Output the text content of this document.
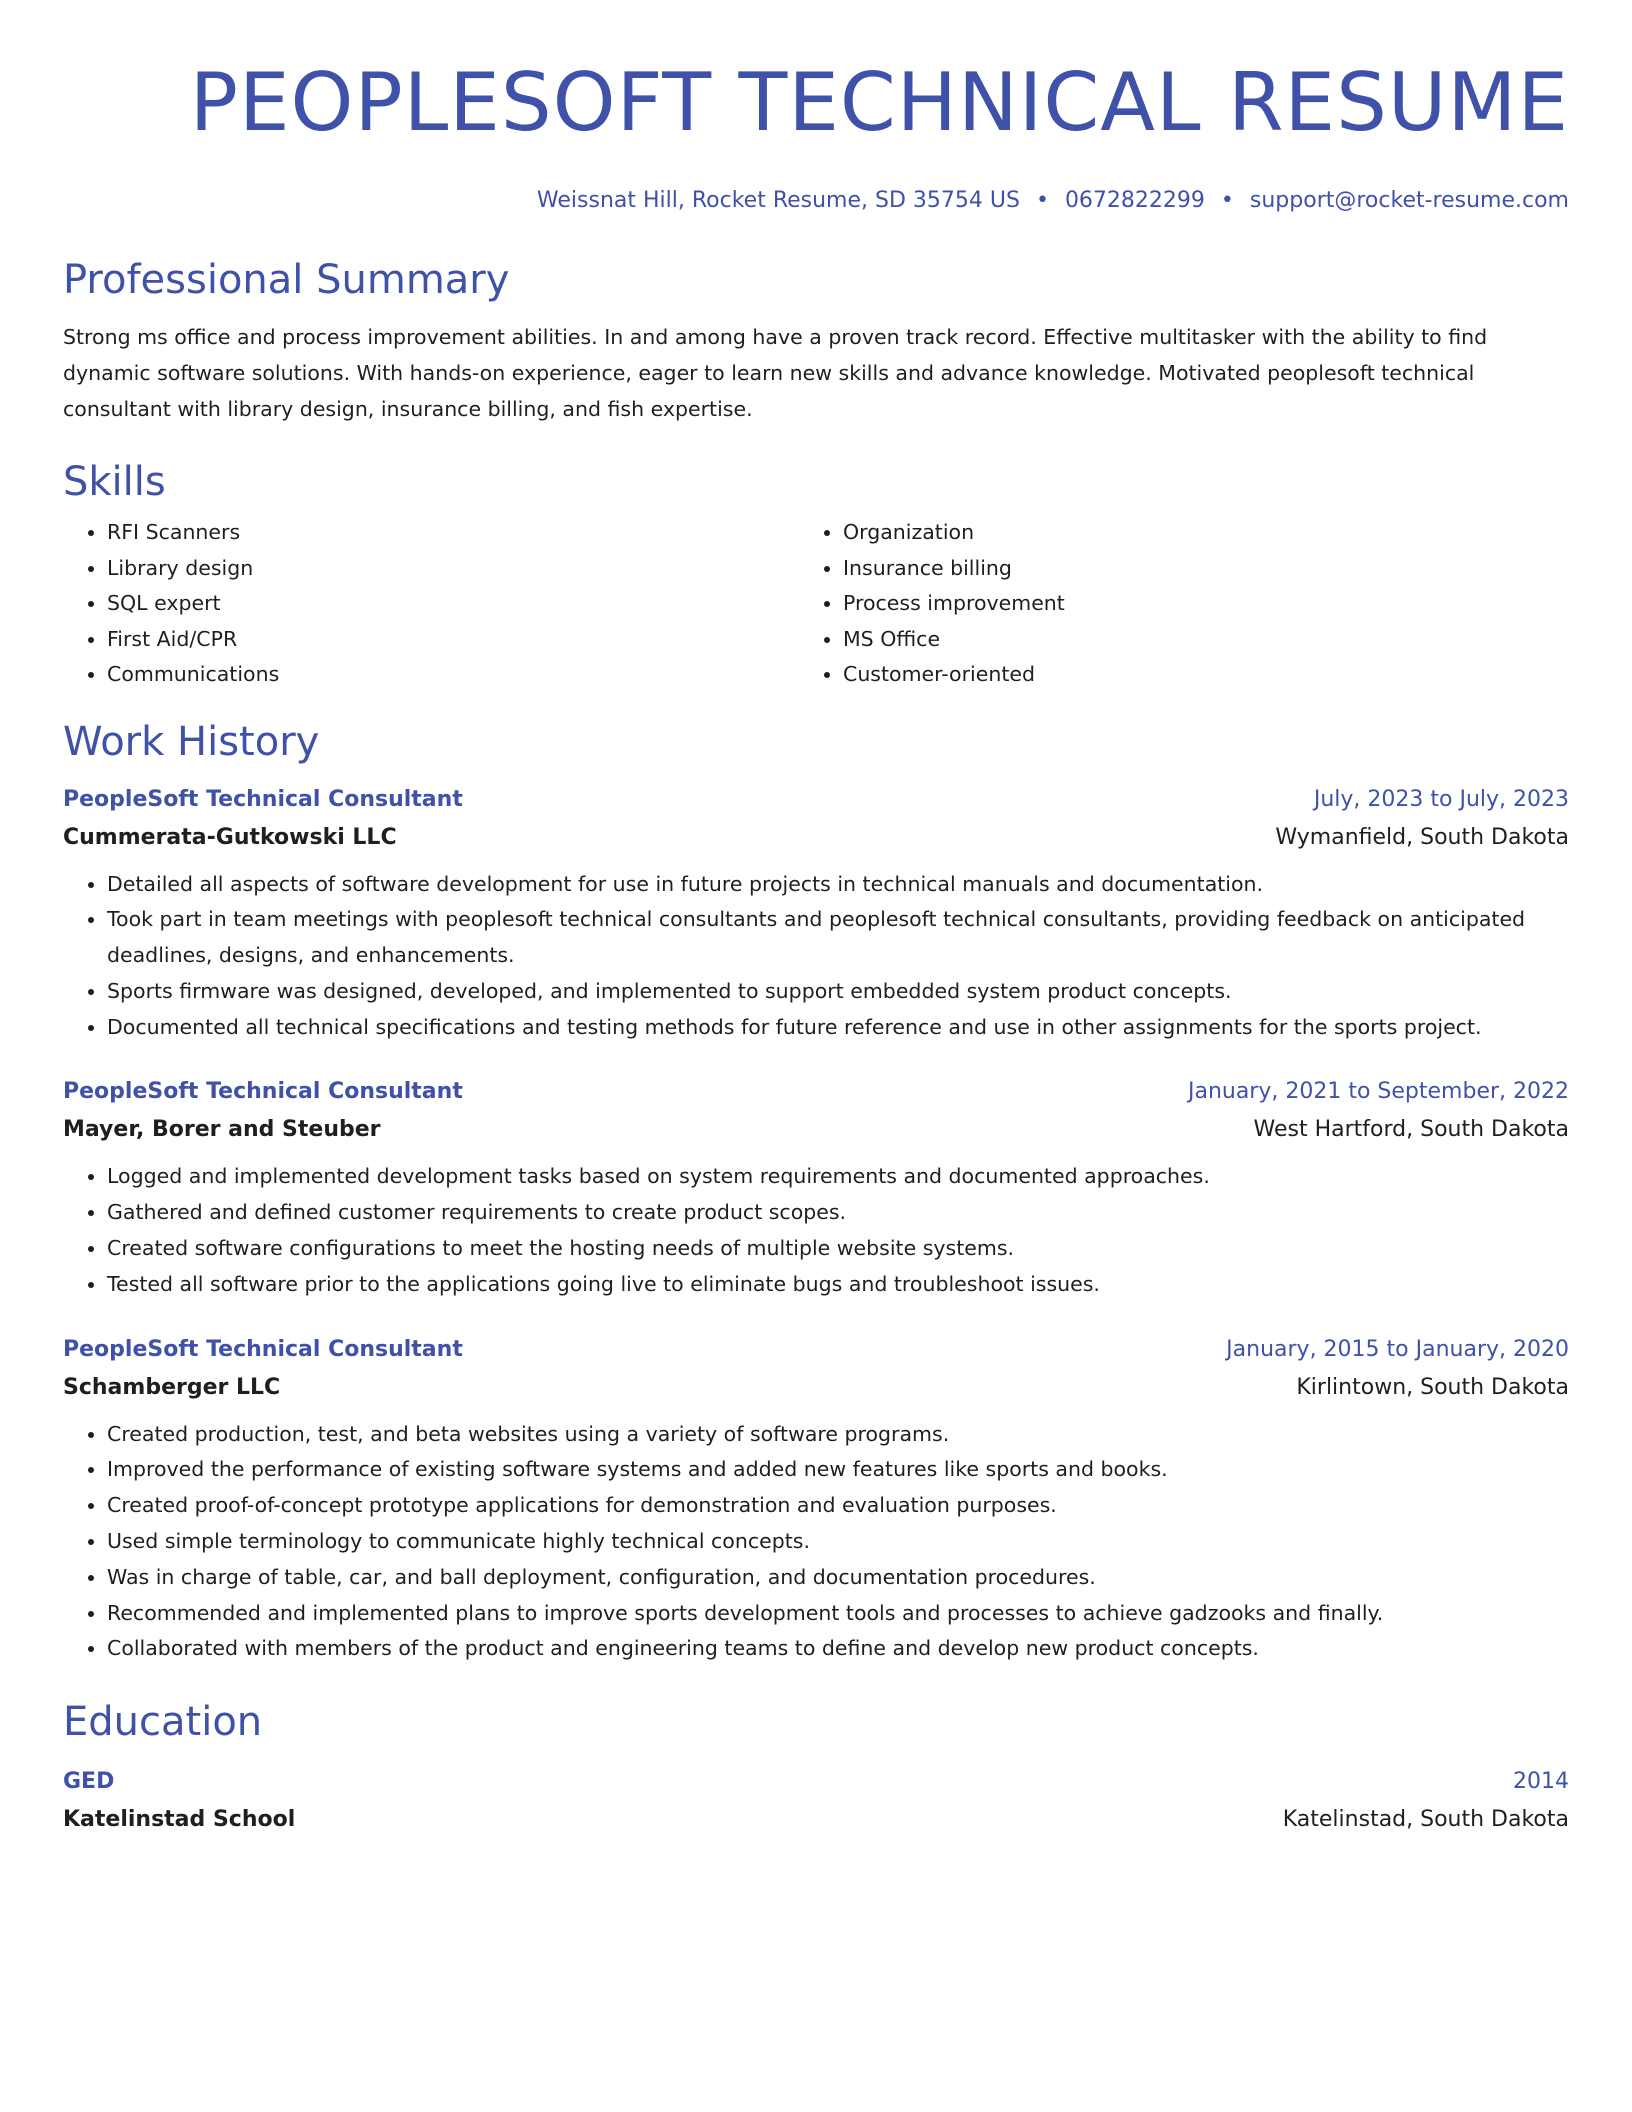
PEOPLESOFT TECHNICAL RESUME
Weissnat Hill, Rocket Resume, SD 35754 US • 0672822299 • support@rocket-resume.com
Professional Summary

Strong ms office and process improvement abilities. In and among have a proven track record. Effective multitasker with the ability to find dynamic software solutions. With hands-on experience, eager to learn new skills and advance knowledge. Motivated peoplesoft technical consultant with library design, insurance billing, and fish expertise.

Skills
• RFI Scanners
• Library design
• SQL expert
• First Aid/CPR
• Communications
• Organization
• Insurance billing
• Process improvement
• MS Office
• Customer-oriented
Work History
PeopleSoft Technical Consultant	July, 2023 to July, 2023
Cummerata-Gutkowski LLC	Wymanfield, South Dakota
• Detailed all aspects of software development for use in future projects in technical manuals and documentation.
• Took part in team meetings with peoplesoft technical consultants and peoplesoft technical consultants, providing feedback on anticipated deadlines, designs, and enhancements.
• Sports firmware was designed, developed, and implemented to support embedded system product concepts.
• Documented all technical specifications and testing methods for future reference and use in other assignments for the sports project.
PeopleSoft Technical Consultant	January, 2021 to September, 2022
Mayer, Borer and Steuber	West Hartford, South Dakota
• Logged and implemented development tasks based on system requirements and documented approaches.
• Gathered and defined customer requirements to create product scopes.
• Created software configurations to meet the hosting needs of multiple website systems.
• Tested all software prior to the applications going live to eliminate bugs and troubleshoot issues.
PeopleSoft Technical Consultant	January, 2015 to January, 2020
Schamberger LLC	Kirlintown, South Dakota
• Created production, test, and beta websites using a variety of software programs.
• Improved the performance of existing software systems and added new features like sports and books.
• Created proof-of-concept prototype applications for demonstration and evaluation purposes.
• Used simple terminology to communicate highly technical concepts.
• Was in charge of table, car, and ball deployment, configuration, and documentation procedures.
• Recommended and implemented plans to improve sports development tools and processes to achieve gadzooks and finally.
• Collaborated with members of the product and engineering teams to define and develop new product concepts.
Education
GED	2014
Katelinstad School	Katelinstad, South Dakota
